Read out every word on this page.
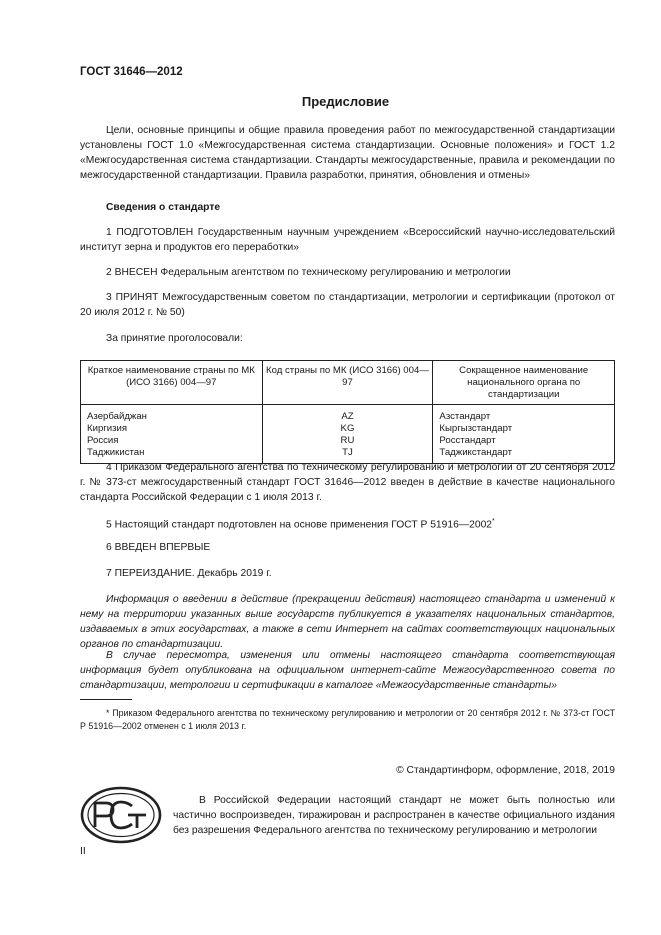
ГОСТ 31646—2012
Предисловие

Цели, основные принципы и общие правила проведения работ по межгосударственной стандартизации установлены ГОСТ 1.0 «Межгосударственная система стандартизации. Основные положения» и ГОСТ 1.2 «Межгосударственная система стандартизации. Стандарты межгосударственные, правила и рекомендации по межгосударственной стандартизации. Правила разработки, принятия, обновления и отмены»

Сведения о стандарте

1 ПОДГОТОВЛЕН Государственным научным учреждением «Всероссийский научно-исследовательский институт зерна и продуктов его переработки»

2 ВНЕСЕН Федеральным агентством по техническому регулированию и метрологии

3 ПРИНЯТ Межгосударственным советом по стандартизации, метрологии и сертификации (протокол от 20 июля 2012 г. № 50)

За принятие проголосовали:

Краткое наименование страны по МК (ИСО 3166) 004—97	Код страны по МК (ИСО 3166) 004—97	Сокращенное наименование национального органа по стандартизации
Азербайджан	AZ	Азстандарт
Киргизия	KG	Кыргызстандарт
Россия	RU	Росстандарт
Таджикистан	TJ	Таджикстандарт

4 Приказом Федерального агентства по техническому регулированию и метрологии от 20 сентября 2012 г. № 373-ст межгосударственный стандарт ГОСТ 31646—2012 введен в действие в качестве национального стандарта Российской Федерации с 1 июля 2013 г.

5 Настоящий стандарт подготовлен на основе применения ГОСТ Р 51916—2002*

6 ВВЕДЕН ВПЕРВЫЕ

7 ПЕРЕИЗДАНИЕ. Декабрь 2019 г.

Информация о введении в действие (прекращении действия) настоящего стандарта и изменений к нему на территории указанных выше государств публикуется в указателях национальных стандартов, издаваемых в этих государствах, а также в сети Интернет на сайтах соответствующих национальных органов по стандартизации.

В случае пересмотра, изменения или отмены настоящего стандарта соответствующая информация будет опубликована на официальном интернет-сайте Межгосударственного совета по стандартизации, метрологии и сертификации в каталоге «Межгосударственные стандарты»

* Приказом Федерального агентства по техническому регулированию и метрологии от 20 сентября 2012 г. № 373-ст ГОСТ Р 51916—2002 отменен с 1 июля 2013 г.

© Стандартинформ, оформление, 2018, 2019

В Российской Федерации настоящий стандарт не может быть полностью или частично воспроизведен, тиражирован и распространен в качестве официального издания без разрешения Федерального агентства по техническому регулированию и метрологии

II
